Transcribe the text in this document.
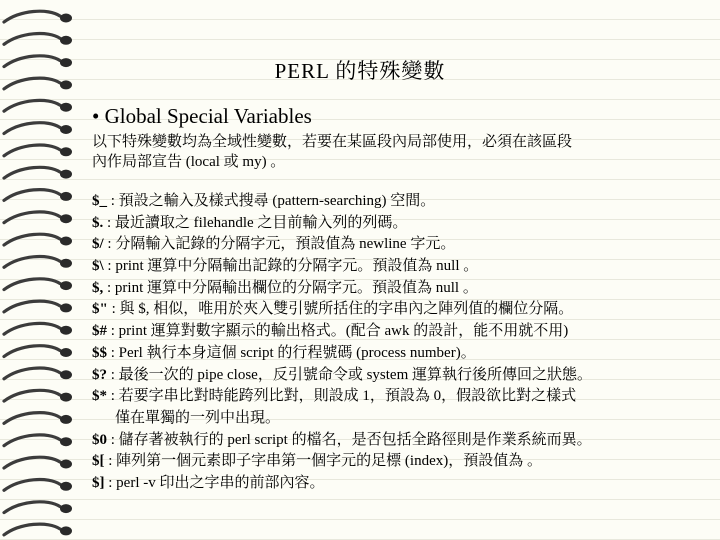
PERL 的特殊變數
• Global Special Variables
以下特殊變數均為全域性變數，若要在某區段內局部使用，必須在該區段
內作局部宣告 (local 或 my) 。
$_ : 預設之輸入及樣式搜尋 (pattern-searching) 空間。
$. : 最近讀取之 filehandle 之目前輸入列的列碼。
$/ : 分隔輸入記錄的分隔字元，預設值為 newline 字元。
$\ : print 運算中分隔輸出記錄的分隔字元。預設值為 null 。
$, : print 運算中分隔輸出欄位的分隔字元。預設值為 null 。
$" : 與 $, 相似，唯用於夾入雙引號所括住的字串內之陣列值的欄位分隔。
$# : print 運算對數字顯示的輸出格式。(配合 awk 的設計，能不用就不用)
$$ : Perl 執行本身這個 script 的行程號碼 (process number)。
$? : 最後一次的 pipe close，反引號命令或 system 運算執行後所傳回之狀態。
$* : 若要字串比對時能跨列比對，則設成 1，預設為 0，假設欲比對之樣式
僅在單獨的一列中出現。
$0 : 儲存著被執行的 perl script 的檔名，是否包括全路徑則是作業系統而異。
$[ : 陣列第一個元素即子字串第一個字元的足標 (index)，預設值為 。
$] : perl -v 印出之字串的前部內容。
